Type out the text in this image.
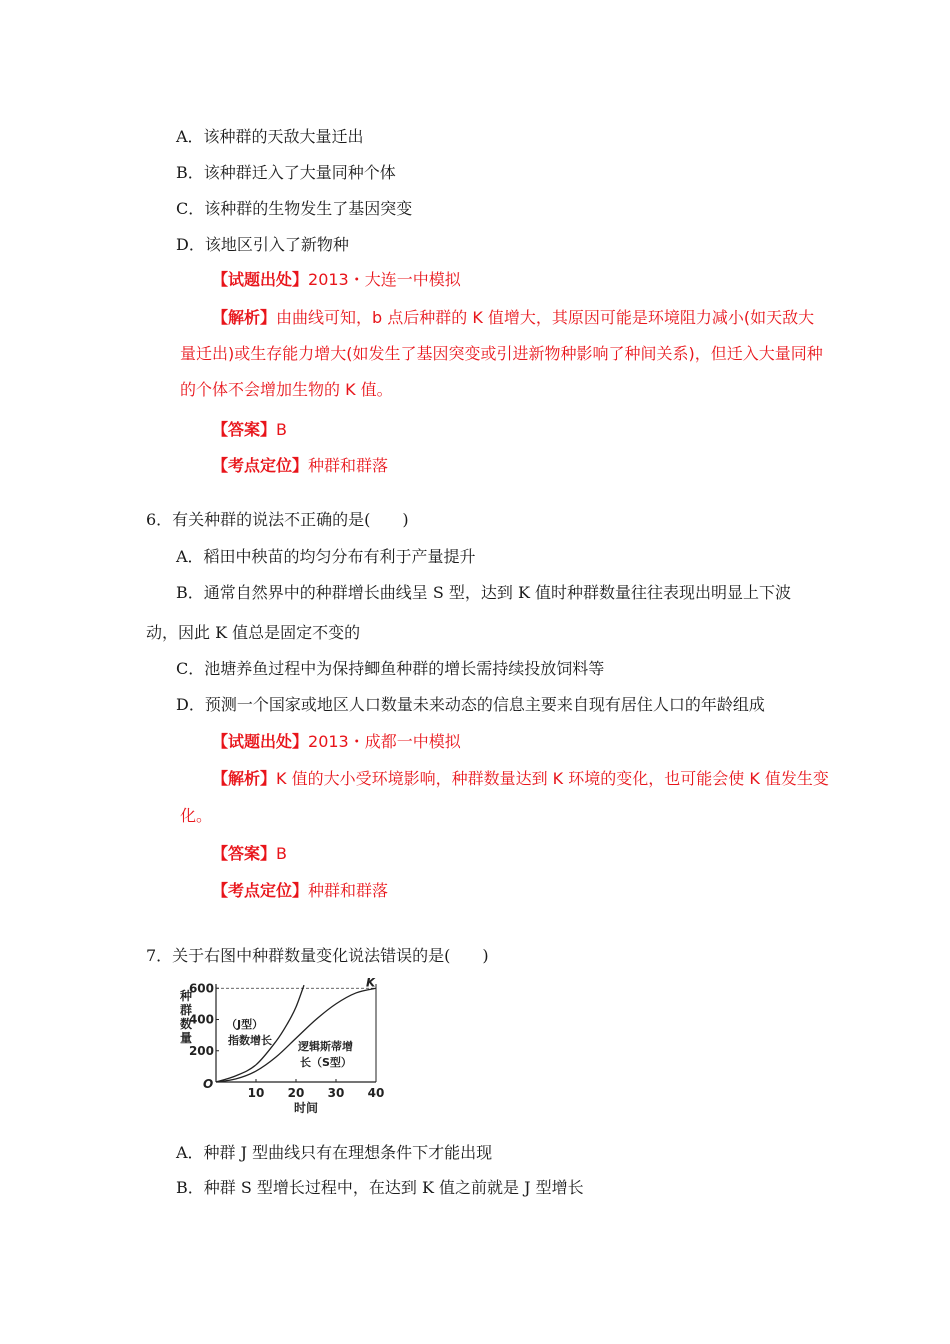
A．该种群的天敌大量迁出
B．该种群迁入了大量同种个体
C．该种群的生物发生了基因突变
D．该地区引入了新物种
【试题出处】2013・大连一中模拟
【解析】由曲线可知，b 点后种群的 K 值增大，其原因可能是环境阻力减小(如天敌大
量迁出)或生存能力增大(如发生了基因突变或引进新物种影响了种间关系)，但迁入大量同种
的个体不会增加生物的 K 值。
【答案】B
【考点定位】种群和群落
6．有关种群的说法不正确的是(　　)
A．稻田中秧苗的均匀分布有利于产量提升
B．通常自然界中的种群增长曲线呈 S 型，达到 K 值时种群数量往往表现出明显上下波
动，因此 K 值总是固定不变的
C．池塘养鱼过程中为保持鲫鱼种群的增长需持续投放饲料等
D．预测一个国家或地区人口数量未来动态的信息主要来自现有居住人口的年龄组成
【试题出处】2013・成都一中模拟
【解析】K 值的大小受环境影响，种群数量达到 K 环境的变化，也可能会使 K 值发生变
化。
【答案】B
【考点定位】种群和群落
7．关于右图中种群数量变化说法错误的是(　　)
种群数量
K
10 20 30 40
200
400
600
（J型）
指数增长 逻辑斯蒂增
长（S型）
O
时间
A．种群 J 型曲线只有在理想条件下才能出现
B．种群 S 型增长过程中，在达到 K 值之前就是 J 型增长
